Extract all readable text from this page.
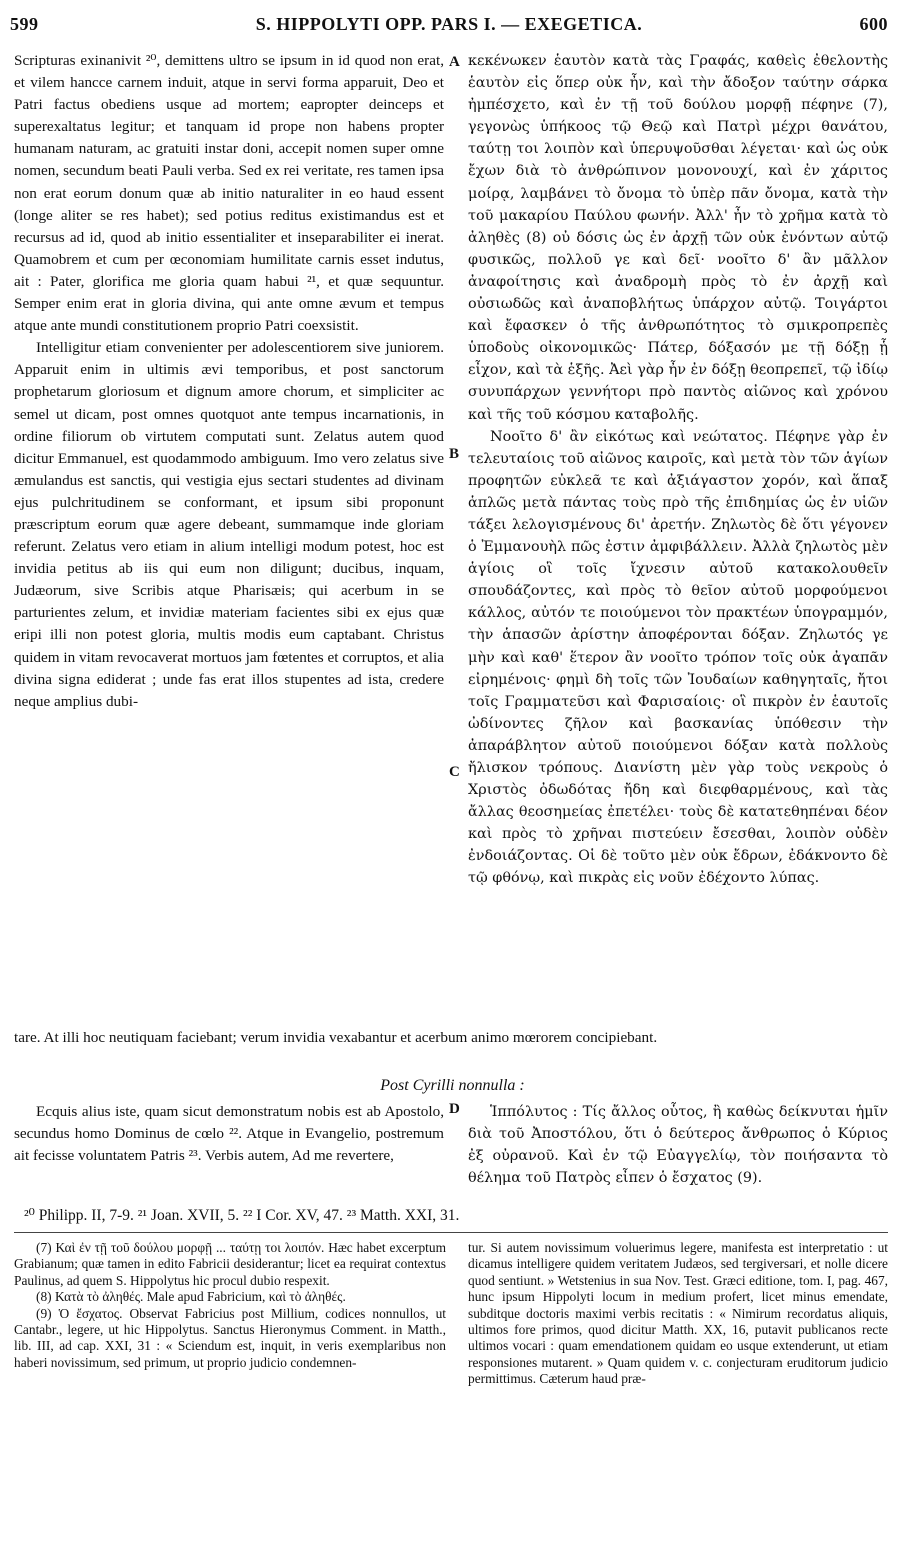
599	S. HIPPOLYTI OPP. PARS I. — EXEGETICA.	600

Scripturas exinanivit ²⁰, demittens ultro se ipsum in id quod non erat, et vilem hancce carnem induit, atque in servi forma apparuit, Deo et Patri factus obediens usque ad mortem; eapropter deinceps et superexaltatus legitur; et tanquam id prope non habens propter humanam naturam, ac gratuiti instar doni, accepit nomen super omne nomen, secundum beati Pauli verba. Sed ex rei veritate, res tamen ipsa non erat eorum donum quæ ab initio naturaliter in eo haud essent (longe aliter se res habet); sed potius reditus existimandus est et recursus ad id, quod ab initio essentialiter et inseparabiliter ei inerat. Quamobrem et cum per œconomiam humilitate carnis esset indutus, ait : Pater, glorifica me gloria quam habui ²¹, et quæ sequuntur. Semper enim erat in gloria divina, qui ante omne ævum et tempus atque ante mundi constitutionem proprio Patri coexsistit.

Intelligitur etiam convenienter per adolescentiorem sive juniorem. Apparuit enim in ultimis ævi temporibus, et post sanctorum prophetarum gloriosum et dignum amore chorum, et simpliciter ac semel ut dicam, post omnes quotquot ante tempus incarnationis, in ordine filiorum ob virtutem computati sunt. Zelatus autem quod dicitur Emmanuel, est quodammodo ambiguum. Imo vero zelatus sive æmulandus est sanctis, qui vestigia ejus sectari studentes ad divinam ejus pulchritudinem se conformant, et ipsum sibi proponunt præscriptum eorum quæ agere debeant, summamque inde gloriam referunt. Zelatus vero etiam in alium intelligi modum potest, hoc est invidia petitus ab iis qui eum non diligunt; ducibus, inquam, Judæorum, sive Scribis atque Pharisæis; qui acerbum in se parturientes zelum, et invidiæ materiam facientes sibi ex ejus quæ eripi illi non potest gloria, multis modis eum captabant. Christus quidem in vitam revocaverat mortuos jam fœtentes et corruptos, et alia divina signa ediderat ; unde fas erat illos stupentes ad ista, credere neque amplius dubi-

A
B
C
D

κεκένωκεν ἑαυτὸν κατὰ τὰς Γραφάς, καθεὶς ἐθελοντὴς ἑαυτὸν εἰς ὅπερ οὐκ ἦν, καὶ τὴν ἄδοξον ταύτην σάρκα ἠμπέσχετο, καὶ ἐν τῇ τοῦ δούλου μορφῇ πέφηνε (7), γεγονὼς ὑπήκοος τῷ Θεῷ καὶ Πατρὶ μέχρι θανάτου, ταύτῃ τοι λοιπὸν καὶ ὑπερυψοῦσθαι λέγεται· καὶ ὡς οὐκ ἔχων διὰ τὸ ἀνθρώπινον μονονουχί, καὶ ἐν χάριτος μοίρᾳ, λαμβάνει τὸ ὄνομα τὸ ὑπὲρ πᾶν ὄνομα, κατὰ τὴν τοῦ μακαρίου Παύλου φωνήν. Ἀλλ' ἦν τὸ χρῆμα κατὰ τὸ ἀληθὲς (8) οὐ δόσις ὡς ἐν ἀρχῇ τῶν οὐκ ἐνόντων αὐτῷ φυσικῶς, πολλοῦ γε καὶ δεῖ· νοοῖτο δ' ἂν μᾶλλον ἀναφοίτησις καὶ ἀναδρομὴ πρὸς τὸ ἐν ἀρχῇ καὶ οὐσιωδῶς καὶ ἀναποβλήτως ὑπάρχον αὐτῷ. Τοιγάρτοι καὶ ἔφασκεν ὁ τῆς ἀνθρωπότητος τὸ σμικροπρεπὲς ὑποδοὺς οἰκονομικῶς· Πάτερ, δόξασόν με τῇ δόξῃ ᾗ εἶχον, καὶ τὰ ἑξῆς. Ἀεὶ γὰρ ἦν ἐν δόξῃ θεοπρεπεῖ, τῷ ἰδίῳ συνυπάρχων γεννήτορι πρὸ παντὸς αἰῶνος καὶ χρόνου καὶ τῆς τοῦ κόσμου καταβολῆς.

Νοοῖτο δ' ἂν εἰκότως καὶ νεώτατος. Πέφηνε γὰρ ἐν τελευταίοις τοῦ αἰῶνος καιροῖς, καὶ μετὰ τὸν τῶν ἁγίων προφητῶν εὐκλεᾶ τε καὶ ἀξιάγαστον χορόν, καὶ ἅπαξ ἁπλῶς μετὰ πάντας τοὺς πρὸ τῆς ἐπιδημίας ὡς ἐν υἱῶν τάξει λελογισμένους δι' ἀρετήν. Ζηλωτὸς δὲ ὅτι γέγονεν ὁ Ἐμμανουὴλ πῶς ἐστιν ἀμφιβάλλειν. Ἀλλὰ ζηλωτὸς μὲν ἁγίοις οἳ τοῖς ἴχνεσιν αὐτοῦ κατακολουθεῖν σπουδάζοντες, καὶ πρὸς τὸ θεῖον αὐτοῦ μορφούμενοι κάλλος, αὐτόν τε ποιούμενοι τὸν πρακτέων ὑπογραμμόν, τὴν ἁπασῶν ἀρίστην ἀποφέρονται δόξαν. Ζηλωτός γε μὴν καὶ καθ' ἕτερον ἂν νοοῖτο τρόπον τοῖς οὐκ ἀγαπᾶν εἰρημένοις· φημὶ δὴ τοῖς τῶν Ἰουδαίων καθηγηταῖς, ἤτοι τοῖς Γραμματεῦσι καὶ Φαρισαίοις· οἳ πικρὸν ἐν ἑαυτοῖς ὠδίνοντες ζῆλον καὶ βασκανίας ὑπόθεσιν τὴν ἀπαράβλητον αὐτοῦ ποιούμενοι δόξαν κατὰ πολλοὺς ἤλισκον τρόπους. Διανίστη μὲν γὰρ τοὺς νεκροὺς ὁ Χριστὸς ὀδωδότας ἤδη καὶ διεφθαρμένους, καὶ τὰς ἄλλας θεοσημείας ἐπετέλει· τοὺς δὲ κατατεθηπέναι δέον καὶ πρὸς τὸ χρῆναι πιστεύειν ἔσεσθαι, λοιπὸν οὐδὲν ἐνδοιάζοντας. Οἱ δὲ τοῦτο μὲν οὐκ ἔδρων, ἐδάκνοντο δὲ τῷ φθόνῳ, καὶ πικρὰς εἰς νοῦν ἐδέχοντο λύπας.

tare. At illi hoc neutiquam faciebant; verum invidia vexabantur et acerbum animo mœrorem concipiebant.

Post Cyrilli nonnulla :

Ecquis alius iste, quam sicut demonstratum nobis est ab Apostolo, secundus homo Dominus de cœlo ²². Atque in Evangelio, postremum ait fecisse voluntatem Patris ²³. Verbis autem, Ad me revertere,

Ἱππόλυτος : Τίς ἄλλος οὗτος, ἢ καθὼς δείκνυται ἡμῖν διὰ τοῦ Ἀποστόλου, ὅτι ὁ δεύτερος ἄνθρωπος ὁ Κύριος ἐξ οὐρανοῦ. Καὶ ἐν τῷ Εὐαγγελίῳ, τὸν ποιήσαντα τὸ θέλημα τοῦ Πατρὸς εἶπεν ὁ ἔσχατος (9).

²⁰ Philipp. II, 7-9. ²¹ Joan. XVII, 5. ²² I Cor. XV, 47. ²³ Matth. XXI, 31.

(7) Καὶ ἐν τῇ τοῦ δούλου μορφῇ ... ταύτῃ τοι λοιπόν. Hæc habet excerptum Grabianum; quæ tamen in edito Fabricii desiderantur; licet ea requirat contextus Paulinus, ad quem S. Hippolytus hic procul dubio respexit.

(8) Κατὰ τὸ ἀληθές. Male apud Fabricium, καὶ τὸ ἀληθές.

(9) Ὁ ἔσχατος. Observat Fabricius post Millium, codices nonnullos, ut Cantabr., legere, ut hic Hippolytus. Sanctus Hieronymus Comment. in Matth., lib. III, ad cap. XXI, 31 : « Sciendum est, inquit, in veris exemplaribus non haberi novissimum, sed primum, ut proprio judicio condemnen-

tur. Si autem novissimum voluerimus legere, manifesta est interpretatio : ut dicamus intelligere quidem veritatem Judæos, sed tergiversari, et nolle dicere quod sentiunt. » Wetstenius in sua Nov. Test. Græci editione, tom. I, pag. 467, hunc ipsum Hippolyti locum in medium profert, licet minus emendate, subditque doctoris maximi verbis recitatis : « Nimirum recordatus aliquis, ultimos fore primos, quod dicitur Matth. XX, 16, putavit publicanos recte ultimos vocari : quam emendationem quidam eo usque extenderunt, ut etiam responsiones mutarent. » Quam quidem v. c. conjecturam eruditorum judicio permittimus. Cæterum haud præ-
